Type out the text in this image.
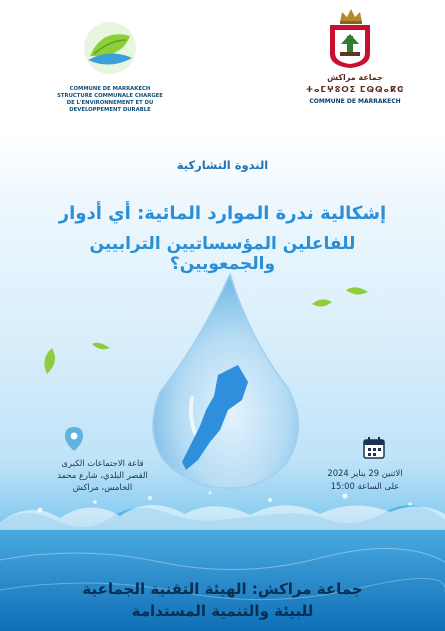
COMMUNE DE MARRAKECH
STRUCTURE COMMUNALE CHARGEE
DE L'ENVIRONNEMENT ET DU
DEVELOPPEMENT DURABLE
جماعة مراكش
ⵜⴰⵎⵖⵓⵔⵉ ⵎⵕⵕⴰⴽⵛ
COMMUNE DE MARRAKECH
الندوة التشاركية
إشكالية ندرة الموارد المائية: أي أدوار
للفاعلين المؤسساتيين الترابيين والجمعويين؟
قاعة الاجتماعات الكبرى
القصر البلدي، شارع محمد
الخامس، مراكش
الاثنين 29 يناير 2024
على الساعة 15:00
جماعة مراكش: الهيئة التقنية الجماعية
للبيئة والتنمية المستدامة
